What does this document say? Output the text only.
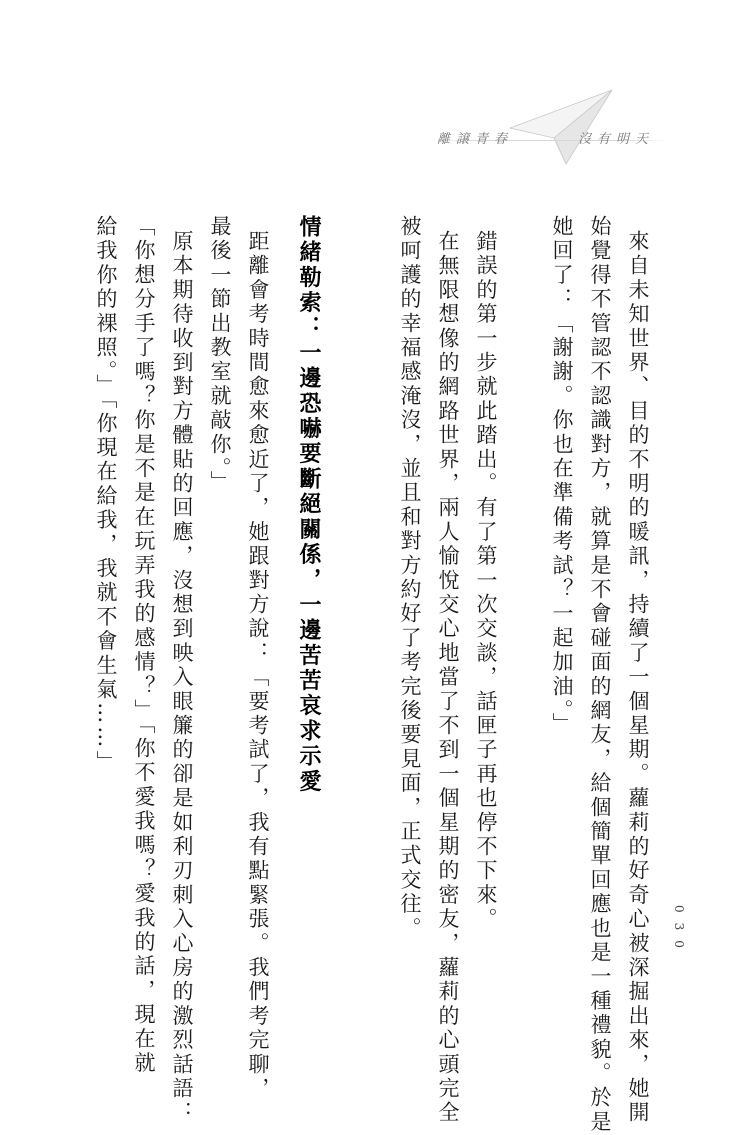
離譲青春	沒有明天
來自未知世界、目的不明的暖訊，持續了一個星期。蘿莉的好奇心被深掘出來，她開
始覺得不管認不認識對方，就算是不會碰面的網友，給個簡單回應也是一種禮貌。於是
她回了：「謝謝。你也在準備考試？一起加油。」
錯誤的第一步就此踏出。有了第一次交談，話匣子再也停不下來。
在無限想像的網路世界，兩人愉悅交心地當了不到一個星期的密友，蘿莉的心頭完全
被呵護的幸福感淹沒，並且和對方約好了考完後要見面，正式交往。
情緒勒索：一邊恐嚇要斷絕關係，一邊苦苦哀求示愛
距離會考時間愈來愈近了，她跟對方說：「要考試了，我有點緊張。我們考完聊，
最後一節出教室就敲你。」
原本期待收到對方體貼的回應，沒想到映入眼簾的卻是如利刃刺入心房的激烈話語：
「你想分手了嗎？你是不是在玩弄我的感情？」「你不愛我嗎？愛我的話，現在就
給我你的裸照。」「你現在給我，我就不會生氣……」
030
